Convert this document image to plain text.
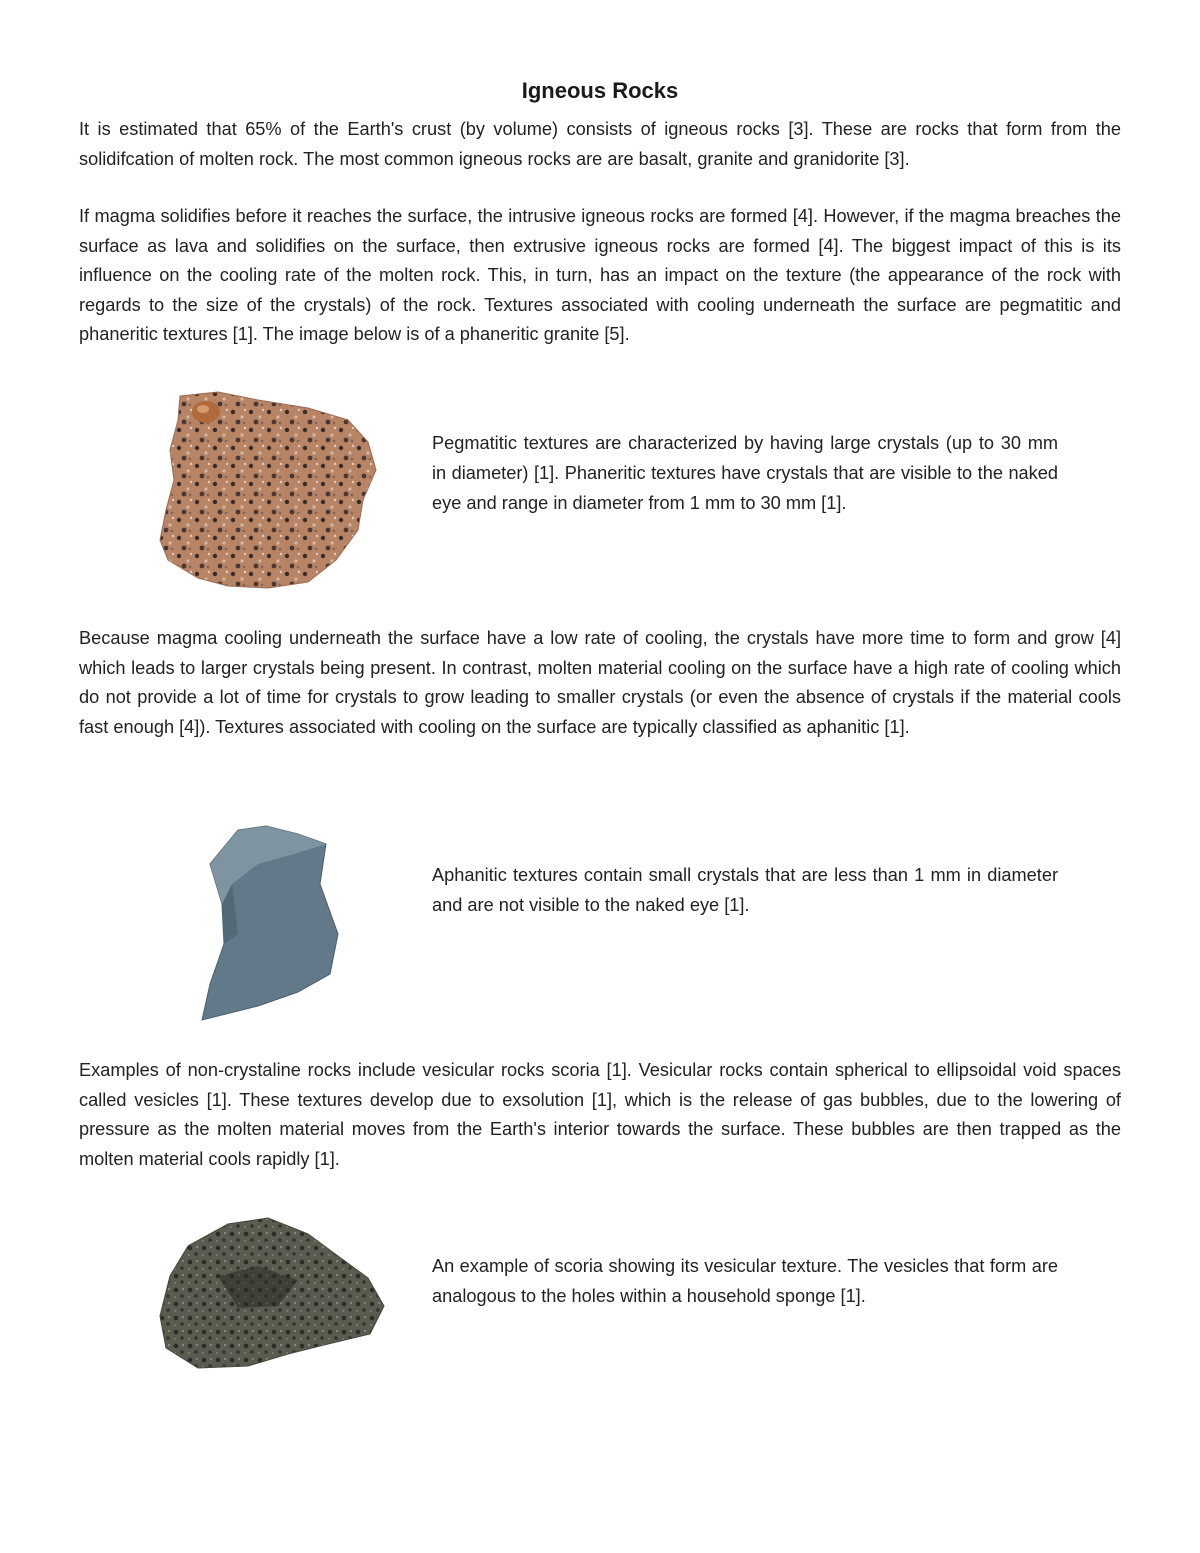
Igneous Rocks

It is estimated that 65% of the Earth's crust (by volume) consists of igneous rocks [3]. These are rocks that form from the solidifcation of molten rock. The most common igneous rocks are are basalt, granite and granidorite [3].

If magma solidifies before it reaches the surface, the intrusive igneous rocks are formed [4]. However, if the magma breaches the surface as lava and solidifies on the surface, then extrusive igneous rocks are formed [4]. The biggest impact of this is its influence on the cooling rate of the molten rock. This, in turn, has an impact on the texture (the appearance of the rock with regards to the size of the crystals) of the rock. Textures associated with cooling underneath the surface are pegmatitic and phaneritic textures [1]. The image below is of a phaneritic granite [5].

Pegmatitic textures are characterized by having large crystals (up to 30 mm in diameter) [1]. Phaneritic textures have crystals that are visible to the naked eye and range in diameter from 1 mm to 30 mm [1].

Because magma cooling underneath the surface have a low rate of cooling, the crystals have more time to form and grow [4] which leads to larger crystals being present. In contrast, molten material cooling on the surface have a high rate of cooling which do not provide a lot of time for crystals to grow leading to smaller crystals (or even the absence of crystals if the material cools fast enough [4]). Textures associated with cooling on the surface are typically classified as aphanitic [1].

Aphanitic textures contain small crystals that are less than 1 mm in diameter and are not visible to the naked eye [1].

Examples of non-crystaline rocks include vesicular rocks scoria [1]. Vesicular rocks contain spherical to ellipsoidal void spaces called vesicles [1]. These textures develop due to exsolution [1], which is the release of gas bubbles, due to the lowering of pressure as the molten material moves from the Earth's interior towards the surface. These bubbles are then trapped as the molten material cools rapidly [1].

An example of scoria showing its vesicular texture. The vesicles that form are analogous to the holes within a household sponge [1].
